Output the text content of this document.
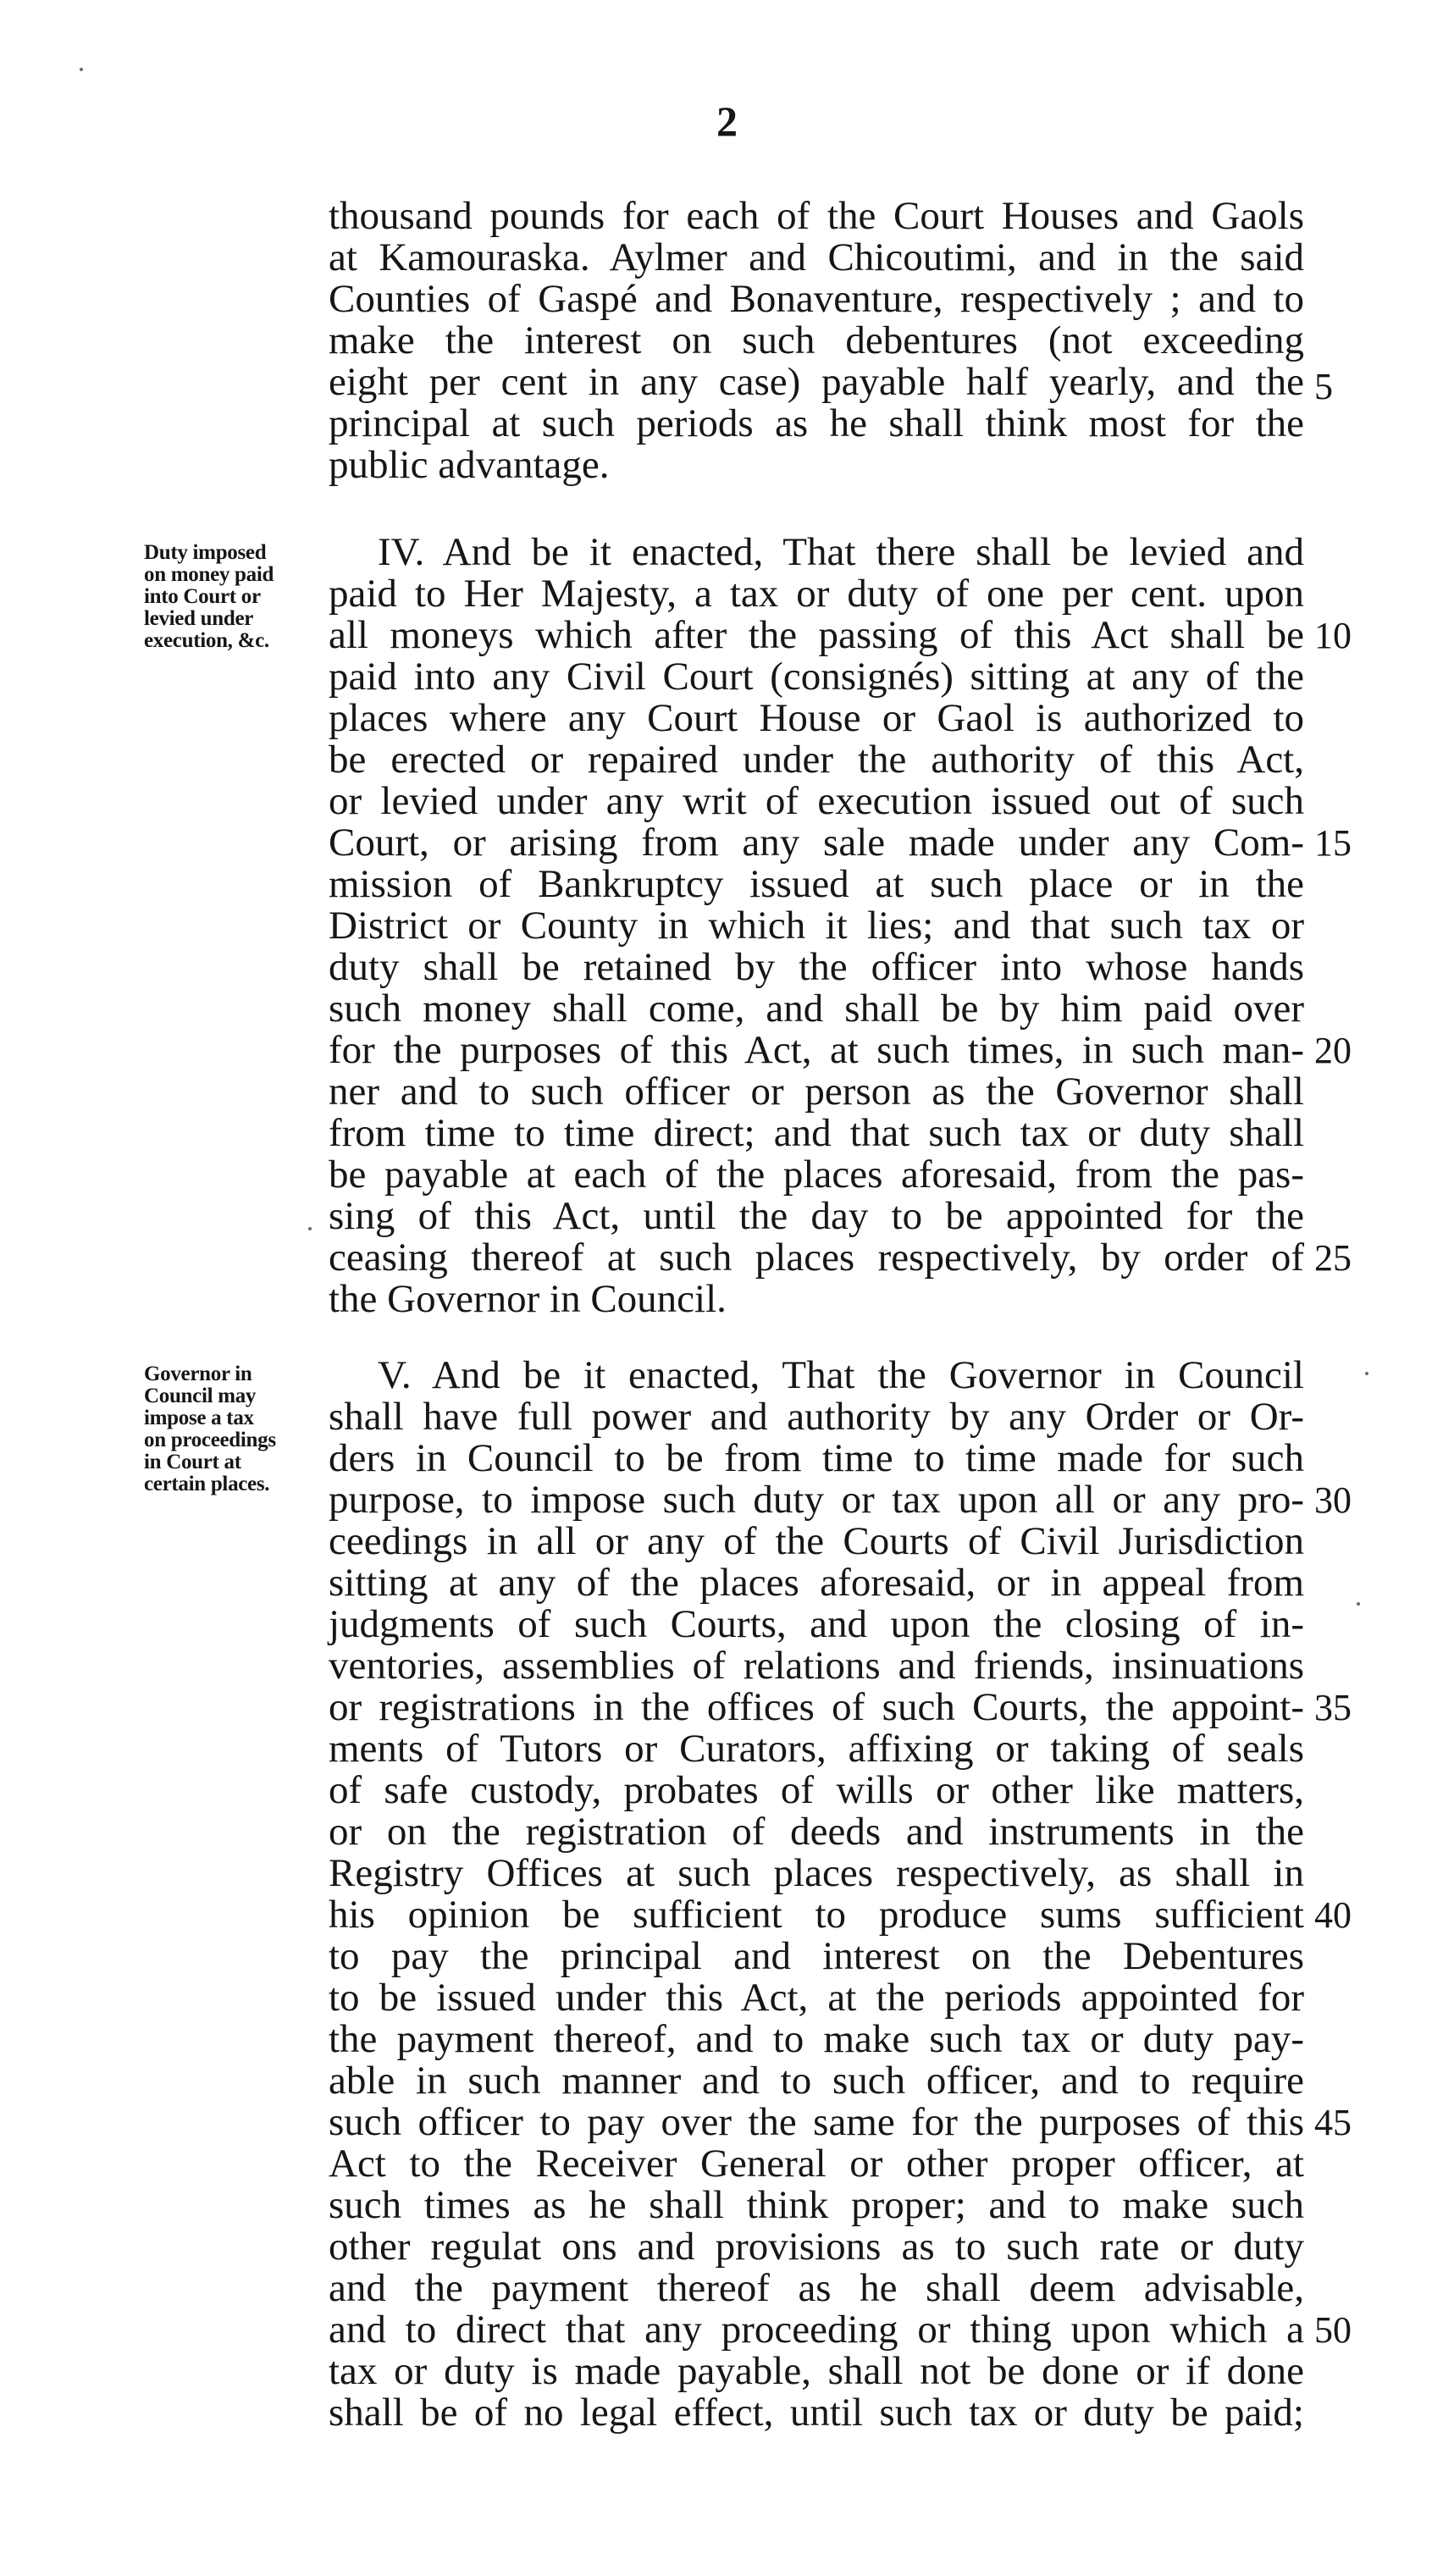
2
thousand pounds for each of the Court Houses and Gaols
at Kamouraska. Aylmer and Chicoutimi, and in the said
Counties of Gaspé and Bonaventure, respectively ; and to
make the interest on such debentures (not exceeding
eight per cent in any case) payable half yearly, and the
principal at such periods as he shall think most for the
public advantage.
IV. And be it enacted, That there shall be levied and
paid to Her Majesty, a tax or duty of one per cent. upon
all moneys which after the passing of this Act shall be
paid into any Civil Court (consignés) sitting at any of the
places where any Court House or Gaol is authorized to
be erected or repaired under the authority of this Act,
or levied under any writ of execution issued out of such
Court, or arising from any sale made under any Com-
mission of Bankruptcy issued at such place or in the
District or County in which it lies; and that such tax or
duty shall be retained by the officer into whose hands
such money shall come, and shall be by him paid over
for the purposes of this Act, at such times, in such man-
ner and to such officer or person as the Governor shall
from time to time direct; and that such tax or duty shall
be payable at each of the places aforesaid, from the pas-
sing of this Act, until the day to be appointed for the
ceasing thereof at such places respectively, by order of
the Governor in Council.
V. And be it enacted, That the Governor in Council
shall have full power and authority by any Order or Or-
ders in Council to be from time to time made for such
purpose, to impose such duty or tax upon all or any pro-
ceedings in all or any of the Courts of Civil Jurisdiction
sitting at any of the places aforesaid, or in appeal from
judgments of such Courts, and upon the closing of in-
ventories, assemblies of relations and friends, insinuations
or registrations in the offices of such Courts, the appoint-
ments of Tutors or Curators, affixing or taking of seals
of safe custody, probates of wills or other like matters,
or on the registration of deeds and instruments in the
Registry Offices at such places respectively, as shall in
his opinion be sufficient to produce sums sufficient
to pay the principal and interest on the Debentures
to be issued under this Act, at the periods appointed for
the payment thereof, and to make such tax or duty pay-
able in such manner and to such officer, and to require
such officer to pay over the same for the purposes of this
Act to the Receiver General or other proper officer, at
such times as he shall think proper; and to make such
other regulat ons and provisions as to such rate or duty
and the payment thereof as he shall deem advisable,
and to direct that any proceeding or thing upon which a
tax or duty is made payable, shall not be done or if done
shall be of no legal effect, until such tax or duty be paid;
5
10
15
20
25
30
35
40
45
50
Duty imposed
on money paid
into Court or
levied under
execution, &c.
Governor in
Council may
impose a tax
on proceedings
in Court at
certain places.
